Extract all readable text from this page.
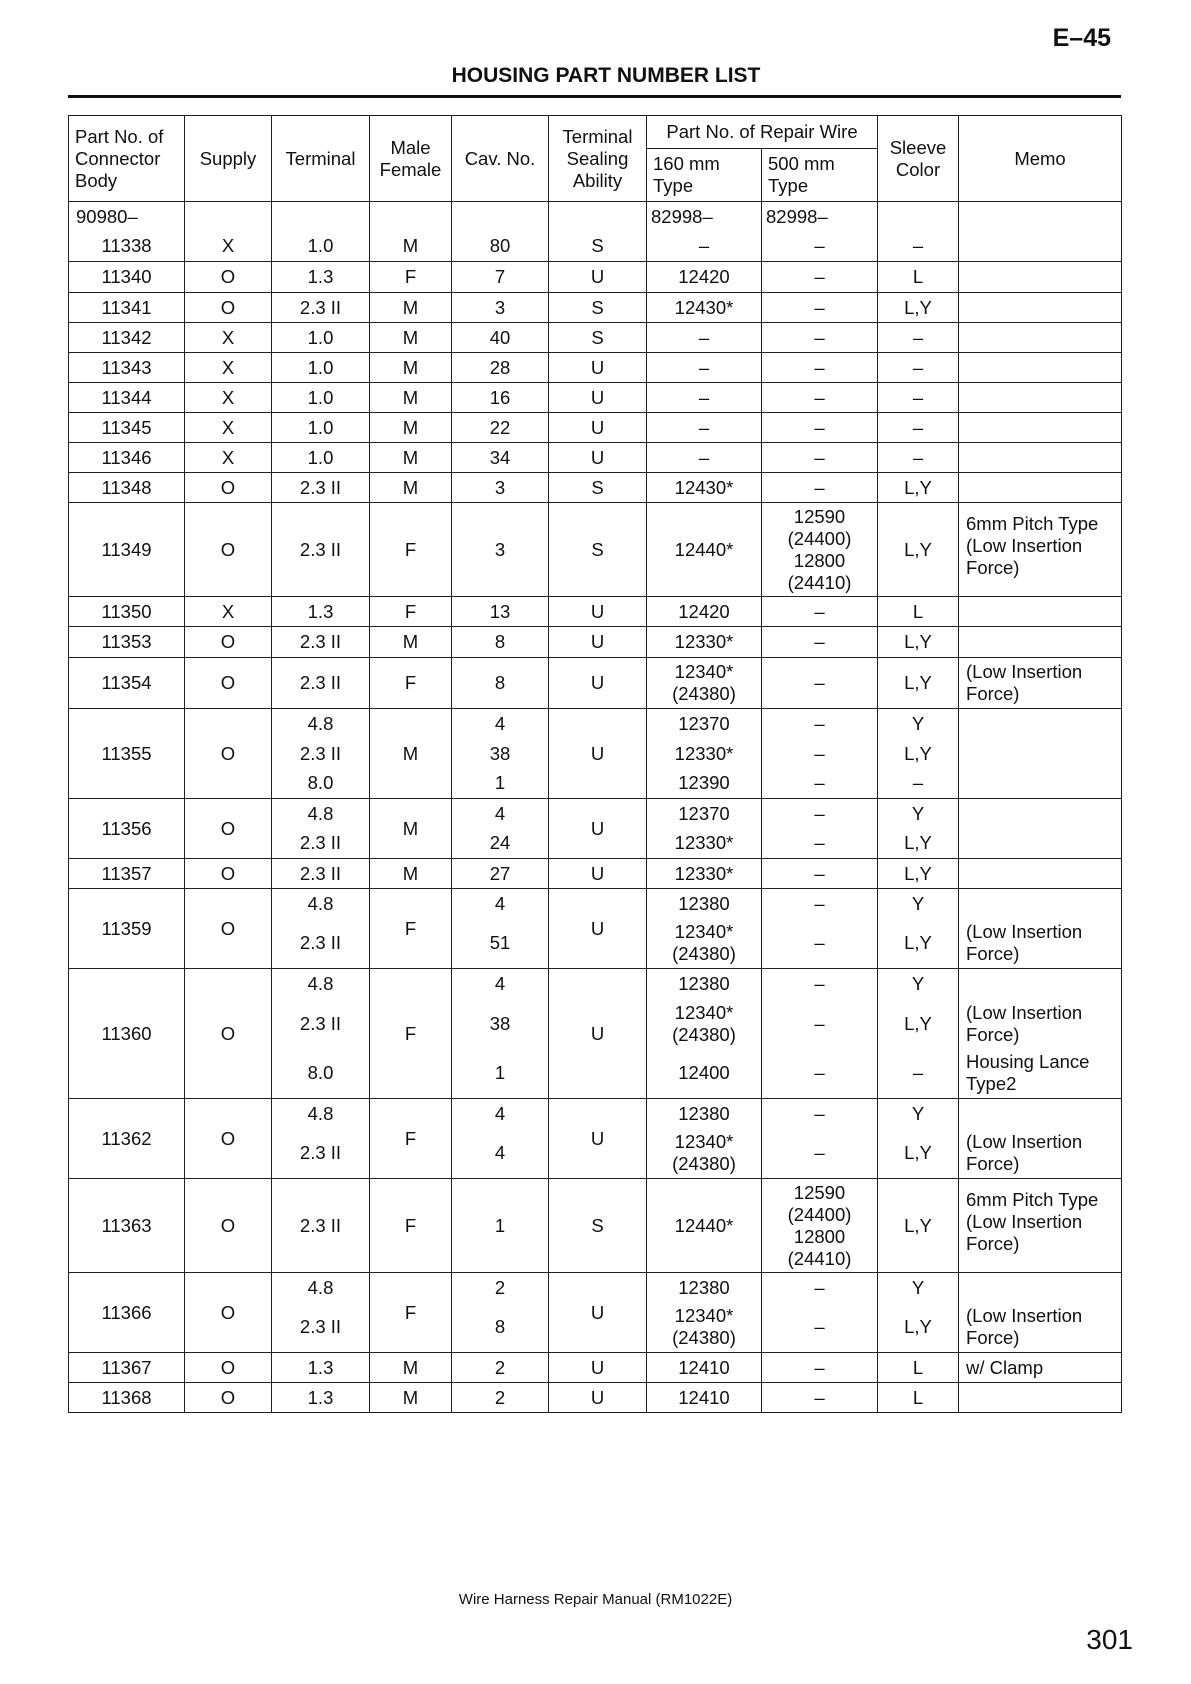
E–45
HOUSING PART NUMBER LIST
Part No. of
Connector
Body	Supply	Terminal	Male
Female	Cav. No.	Terminal
Sealing
Ability	Part No. of Repair Wire		Sleeve
Color	Memo

						160 mm
Type	500 mm
Type		

90980–						82998–	82998–		
11338	X	1.0	M	80	S	–	–	–	
11340	O	1.3	F	7	U	12420	–	L	
11341	O	2.3 II	M	3	S	12430*	–	L,Y	
11342	X	1.0	M	40	S	–	–	–	
11343	X	1.0	M	28	U	–	–	–	
11344	X	1.0	M	16	U	–	–	–	
11345	X	1.0	M	22	U	–	–	–	
11346	X	1.0	M	34	U	–	–	–	
11348	O	2.3 II	M	3	S	12430*	–	L,Y	
11349	O	2.3 II	F	3	S	12440*	12590
(24400)
12800
(24410)	L,Y	6mm Pitch Type
(Low Insertion
Force)

11350	X	1.3	F	13	U	12420	–	L	
11353	O	2.3 II	M	8	U	12330*	–	L,Y	
11354	O	2.3 II	F	8	U	12340*
(24380)	–	L,Y	(Low Insertion
Force)

11355	O	4.8	M	4	U	12370	–	Y	
		2.3 II		38		12330*	–	L,Y	
		8.0		1		12390	–	–	
11356	O	4.8	M	4	U	12370	–	Y	
		2.3 II		24		12330*	–	L,Y	
11357	O	2.3 II	M	27	U	12330*	–	L,Y	
11359	O	4.8	F	4	U	12380	–	Y	
		2.3 II		51		12340*
(24380)	–	L,Y	(Low Insertion
Force)

11360	O	4.8	F	4	U	12380	–	Y	
		2.3 II		38		12340*
(24380)	–	L,Y	(Low Insertion
Force)

		8.0		1		12400	–	–	Housing Lance
Type2

11362	O	4.8	F	4	U	12380	–	Y	
		2.3 II		4		12340*
(24380)	–	L,Y	(Low Insertion
Force)

11363	O	2.3 II	F	1	S	12440*	12590
(24400)
12800
(24410)	L,Y	6mm Pitch Type
(Low Insertion
Force)

11366	O	4.8	F	2	U	12380	–	Y	
		2.3 II		8		12340*
(24380)	–	L,Y	(Low Insertion
Force)

11367	O	1.3	M	2	U	12410	–	L	w/ Clamp
11368	O	1.3	M	2	U	12410	–	L	
Wire Harness Repair Manual (RM1022E)
301
